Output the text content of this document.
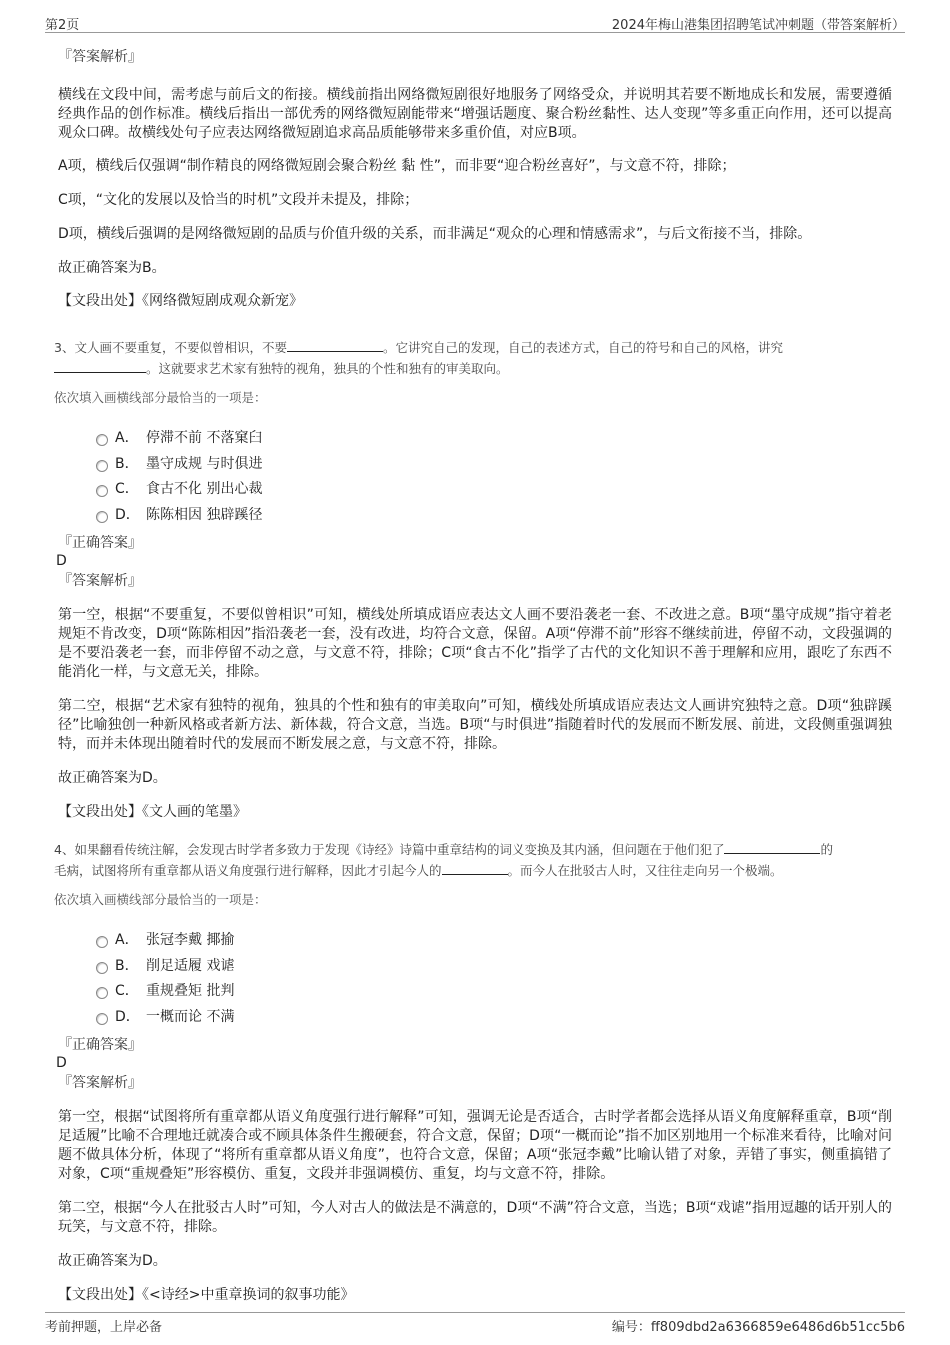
第2页	2024年梅山港集团招聘笔试冲刺题（带答案解析）
『答案解析』

横线在文段中间，需考虑与前后文的衔接。横线前指出网络微短剧很好地服务了网络受众，并说明其若要不断地成长和发展，需要遵循经典作品的创作标准。横线后指出一部优秀的网络微短剧能带来“增强话题度、聚合粉丝黏性、达人变现”等多重正向作用，还可以提高观众口碑。故横线处句子应表达网络微短剧追求高品质能够带来多重价值，对应B项。

A项，横线后仅强调“制作精良的网络微短剧会聚合粉丝 黏 性”，而非要“迎合粉丝喜好”，与文意不符，排除；

C项，“文化的发展以及恰当的时机”文段并未提及，排除；

D项，横线后强调的是网络微短剧的品质与价值升级的关系，而非满足“观众的心理和情感需求”，与后文衔接不当，排除。

故正确答案为B。

【文段出处】《网络微短剧成观众新宠》

3、文人画不要重复，不要似曾相识，不要	。它讲究自己的发现，自己的表述方式，自己的符号和自己的风格，讲究
。这就要求艺术家有独特的视角，独具的个性和独有的审美取向。

依次填入画横线部分最恰当的一项是：

A． 停滞不前 不落窠臼
B． 墨守成规 与时俱进
C． 食古不化 别出心裁
D． 陈陈相因 独辟蹊径
『正确答案』
D
『答案解析』

第一空，根据“不要重复，不要似曾相识”可知，横线处所填成语应表达文人画不要沿袭老一套、不改进之意。B项“墨守成规”指守着老规矩不肯改变，D项“陈陈相因”指沿袭老一套，没有改进，均符合文意，保留。A项“停滞不前”形容不继续前进，停留不动，文段强调的是不要沿袭老一套，而非停留不动之意，与文意不符，排除；C项“食古不化”指学了古代的文化知识不善于理解和应用，跟吃了东西不能消化一样，与文意无关，排除。

第二空，根据“艺术家有独特的视角，独具的个性和独有的审美取向”可知，横线处所填成语应表达文人画讲究独特之意。D项“独辟蹊径”比喻独创一种新风格或者新方法、新体裁，符合文意，当选。B项“与时俱进”指随着时代的发展而不断发展、前进，文段侧重强调独特，而并未体现出随着时代的发展而不断发展之意，与文意不符，排除。

故正确答案为D。

【文段出处】《文人画的笔墨》

4、如果翻看传统注解，会发现古时学者多致力于发现《诗经》诗篇中重章结构的词义变换及其内涵，但问题在于他们犯了	的
毛病，试图将所有重章都从语义角度强行进行解释，因此才引起今人的	。而今人在批驳古人时，又往往走向另一个极端。

依次填入画横线部分最恰当的一项是：

A． 张冠李戴 揶揄
B． 削足适履 戏谑
C． 重规叠矩 批判
D． 一概而论 不满
『正确答案』
D
『答案解析』

第一空，根据“试图将所有重章都从语义角度强行进行解释”可知，强调无论是否适合，古时学者都会选择从语义角度解释重章，B项“削足适履”比喻不合理地迁就凑合或不顾具体条件生搬硬套，符合文意，保留；D项“一概而论”指不加区别地用一个标准来看待，比喻对问题不做具体分析，体现了“将所有重章都从语义角度”，也符合文意，保留；A项“张冠李戴”比喻认错了对象，弄错了事实，侧重搞错了对象，C项“重规叠矩”形容模仿、重复，文段并非强调模仿、重复，均与文意不符，排除。

第二空，根据“今人在批驳古人时”可知，今人对古人的做法是不满意的，D项“不满”符合文意，当选；B项“戏谑”指用逗趣的话开别人的玩笑，与文意不符，排除。

故正确答案为D。

【文段出处】《<诗经>中重章换词的叙事功能》

考前押题，上岸必备	编号：ff809dbd2a6366859e6486d6b51cc5b6
